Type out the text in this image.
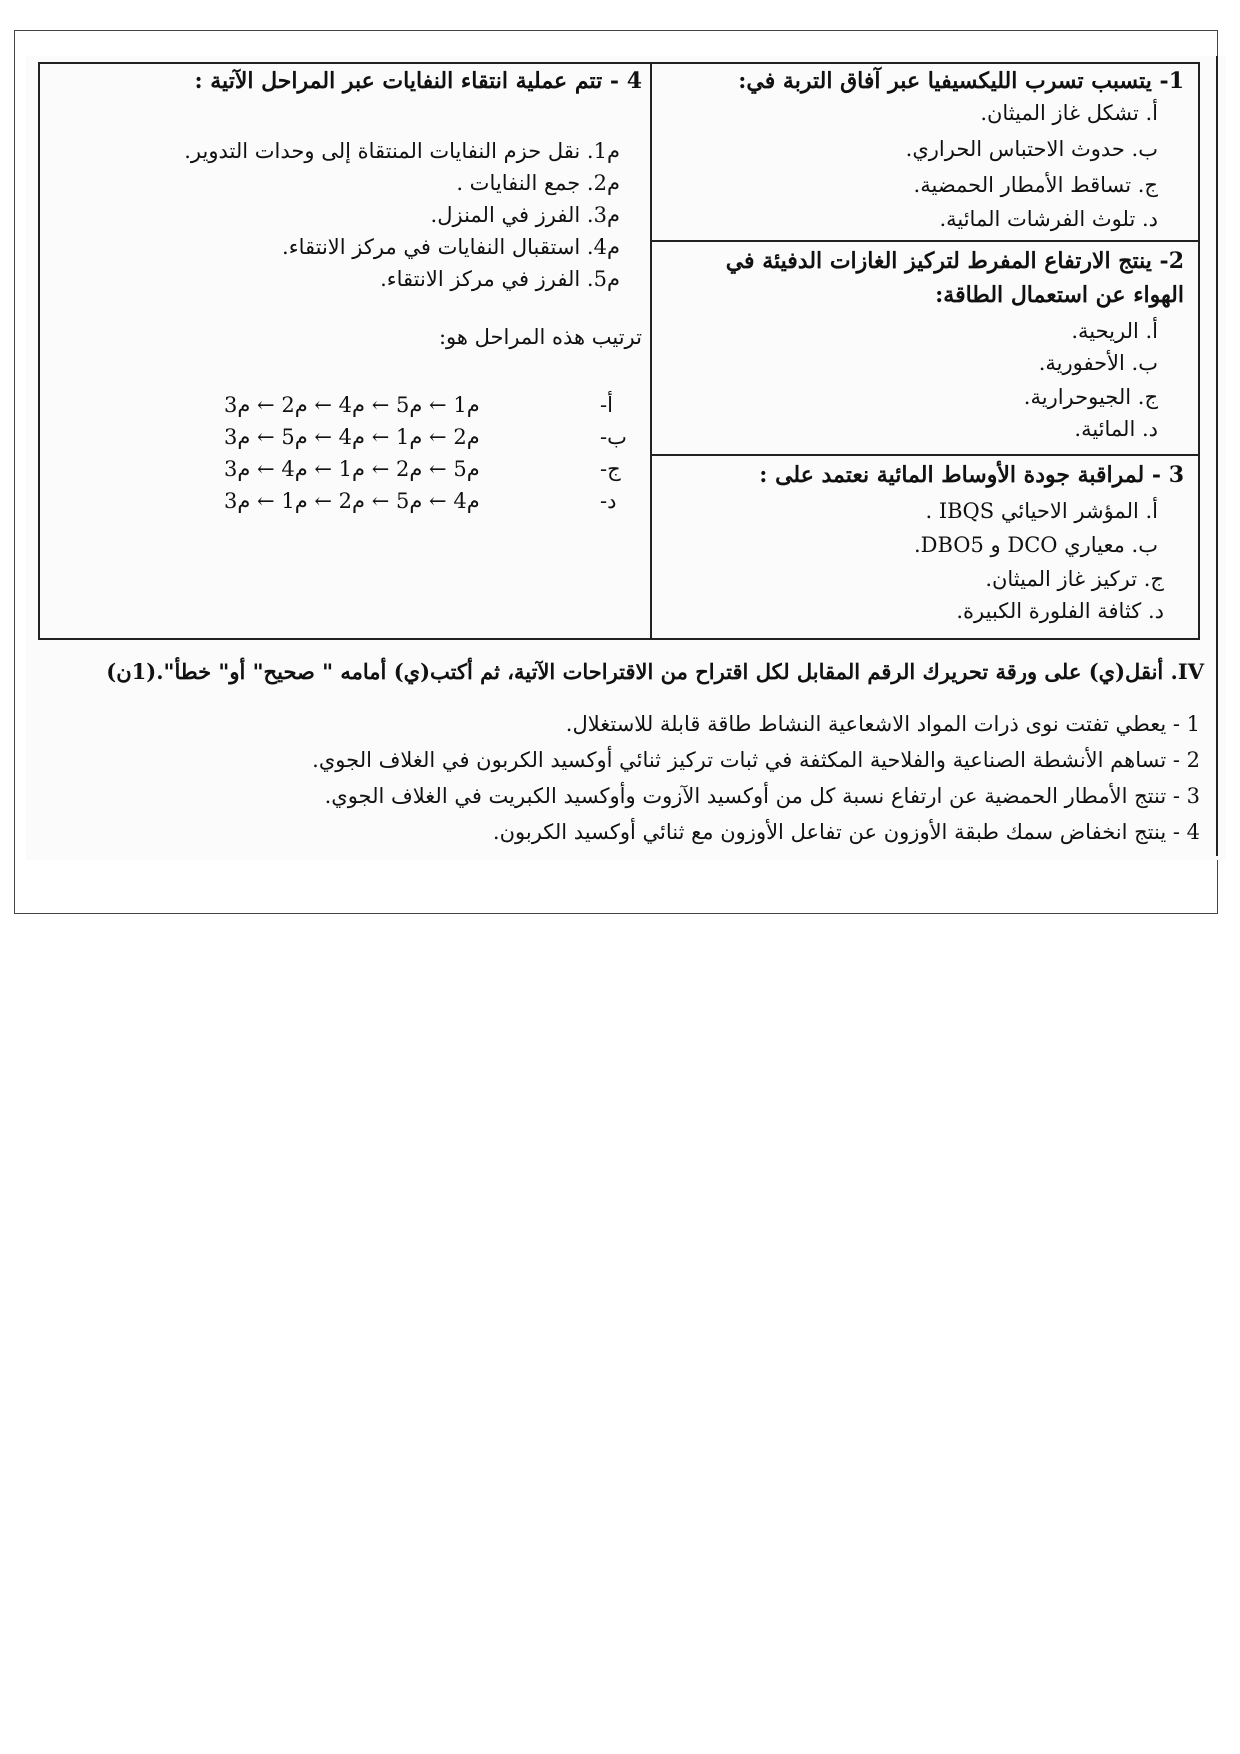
4 - تتم عملية انتقاء النفايات عبر المراحل الآتية :
م1. نقل حزم النفايات المنتقاة إلى وحدات التدوير.
م2. جمع النفايات .
م3. الفرز في المنزل.
م4. استقبال النفايات في مركز الانتقاء.
م5. الفرز في مركز الانتقاء.
ترتيب هذه المراحل هو:
أ-
م1 ← م5 ← م4 ← م2 ← م3
ب-
م2 ← م1 ← م4 ← م5 ← م3
ج-
م5 ← م2 ← م1 ← م4 ← م3
د-
م4 ← م5 ← م2 ← م1 ← م3
1- يتسبب تسرب الليكسيفيا عبر آفاق التربة في:
أ. تشكل غاز الميثان.
ب. حدوث الاحتباس الحراري.
ج. تساقط الأمطار الحمضية.
د. تلوث الفرشات المائية.
2- ينتج الارتفاع المفرط لتركيز الغازات الدفيئة في
الهواء عن استعمال الطاقة:
أ. الريحية.
ب. الأحفورية.
ج. الجيوحرارية.
د. المائية.
3 - لمراقبة جودة الأوساط المائية نعتمد على :
أ. المؤشر الاحيائي IBQS .
ب. معياري DCO و DBO5.
ج. تركيز غاز الميثان.
د. كثافة الفلورة الكبيرة.
IV. أنقل(ي) على ورقة تحريرك الرقم المقابل لكل اقتراح من الاقتراحات الآتية، ثم أكتب(ي) أمامه " صحيح" أو" خطأ".(1ن)
1 - يعطي تفتت نوى ذرات المواد الاشعاعية النشاط طاقة قابلة للاستغلال.
2 - تساهم الأنشطة الصناعية والفلاحية المكثفة في ثبات تركيز ثنائي أوكسيد الكربون في الغلاف الجوي.
3 - تنتج الأمطار الحمضية عن ارتفاع نسبة كل من أوكسيد الآزوت وأوكسيد الكبريت في الغلاف الجوي.
4 - ينتج انخفاض سمك طبقة الأوزون عن تفاعل الأوزون مع ثنائي أوكسيد الكربون.
